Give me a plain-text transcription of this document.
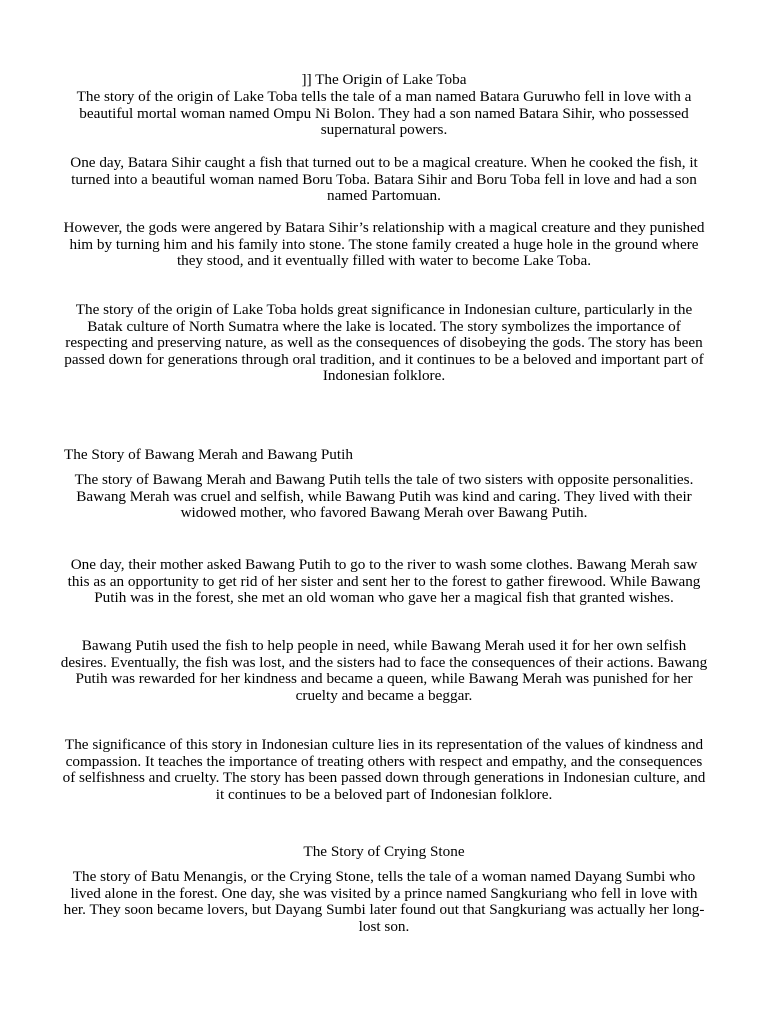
]] The Origin of Lake Toba

The story of the origin of Lake Toba tells the tale of a man named Batara Guruwho fell in love with a beautiful mortal woman named Ompu Ni Bolon. They had a son named Batara Sihir, who possessed supernatural powers.

One day, Batara Sihir caught a fish that turned out to be a magical creature. When he cooked the fish, it turned into a beautiful woman named Boru Toba. Batara Sihir and Boru Toba fell in love and had a son named Partomuan.

However, the gods were angered by Batara Sihir’s relationship with a magical creature and they punished him by turning him and his family into stone. The stone family created a huge hole in the ground where they stood, and it eventually filled with water to become Lake Toba.

The story of the origin of Lake Toba holds great significance in Indonesian culture, particularly in the Batak culture of North Sumatra where the lake is located. The story symbolizes the importance of respecting and preserving nature, as well as the consequences of disobeying the gods. The story has been passed down for generations through oral tradition, and it continues to be a beloved and important part of Indonesian folklore.

The Story of Bawang Merah and Bawang Putih

The story of Bawang Merah and Bawang Putih tells the tale of two sisters with opposite personalities. Bawang Merah was cruel and selfish, while Bawang Putih was kind and caring. They lived with their widowed mother, who favored Bawang Merah over Bawang Putih.

One day, their mother asked Bawang Putih to go to the river to wash some clothes. Bawang Merah saw this as an opportunity to get rid of her sister and sent her to the forest to gather firewood. While Bawang Putih was in the forest, she met an old woman who gave her a magical fish that granted wishes.

Bawang Putih used the fish to help people in need, while Bawang Merah used it for her own selfish desires. Eventually, the fish was lost, and the sisters had to face the consequences of their actions. Bawang Putih was rewarded for her kindness and became a queen, while Bawang Merah was punished for her cruelty and became a beggar.

The significance of this story in Indonesian culture lies in its representation of the values of kindness and compassion. It teaches the importance of treating others with respect and empathy, and the consequences of selfishness and cruelty. The story has been passed down through generations in Indonesian culture, and it continues to be a beloved part of Indonesian folklore.

The Story of Crying Stone

The story of Batu Menangis, or the Crying Stone, tells the tale of a woman named Dayang Sumbi who lived alone in the forest. One day, she was visited by a prince named Sangkuriang who fell in love with her. They soon became lovers, but Dayang Sumbi later found out that Sangkuriang was actually her long-lost son.
